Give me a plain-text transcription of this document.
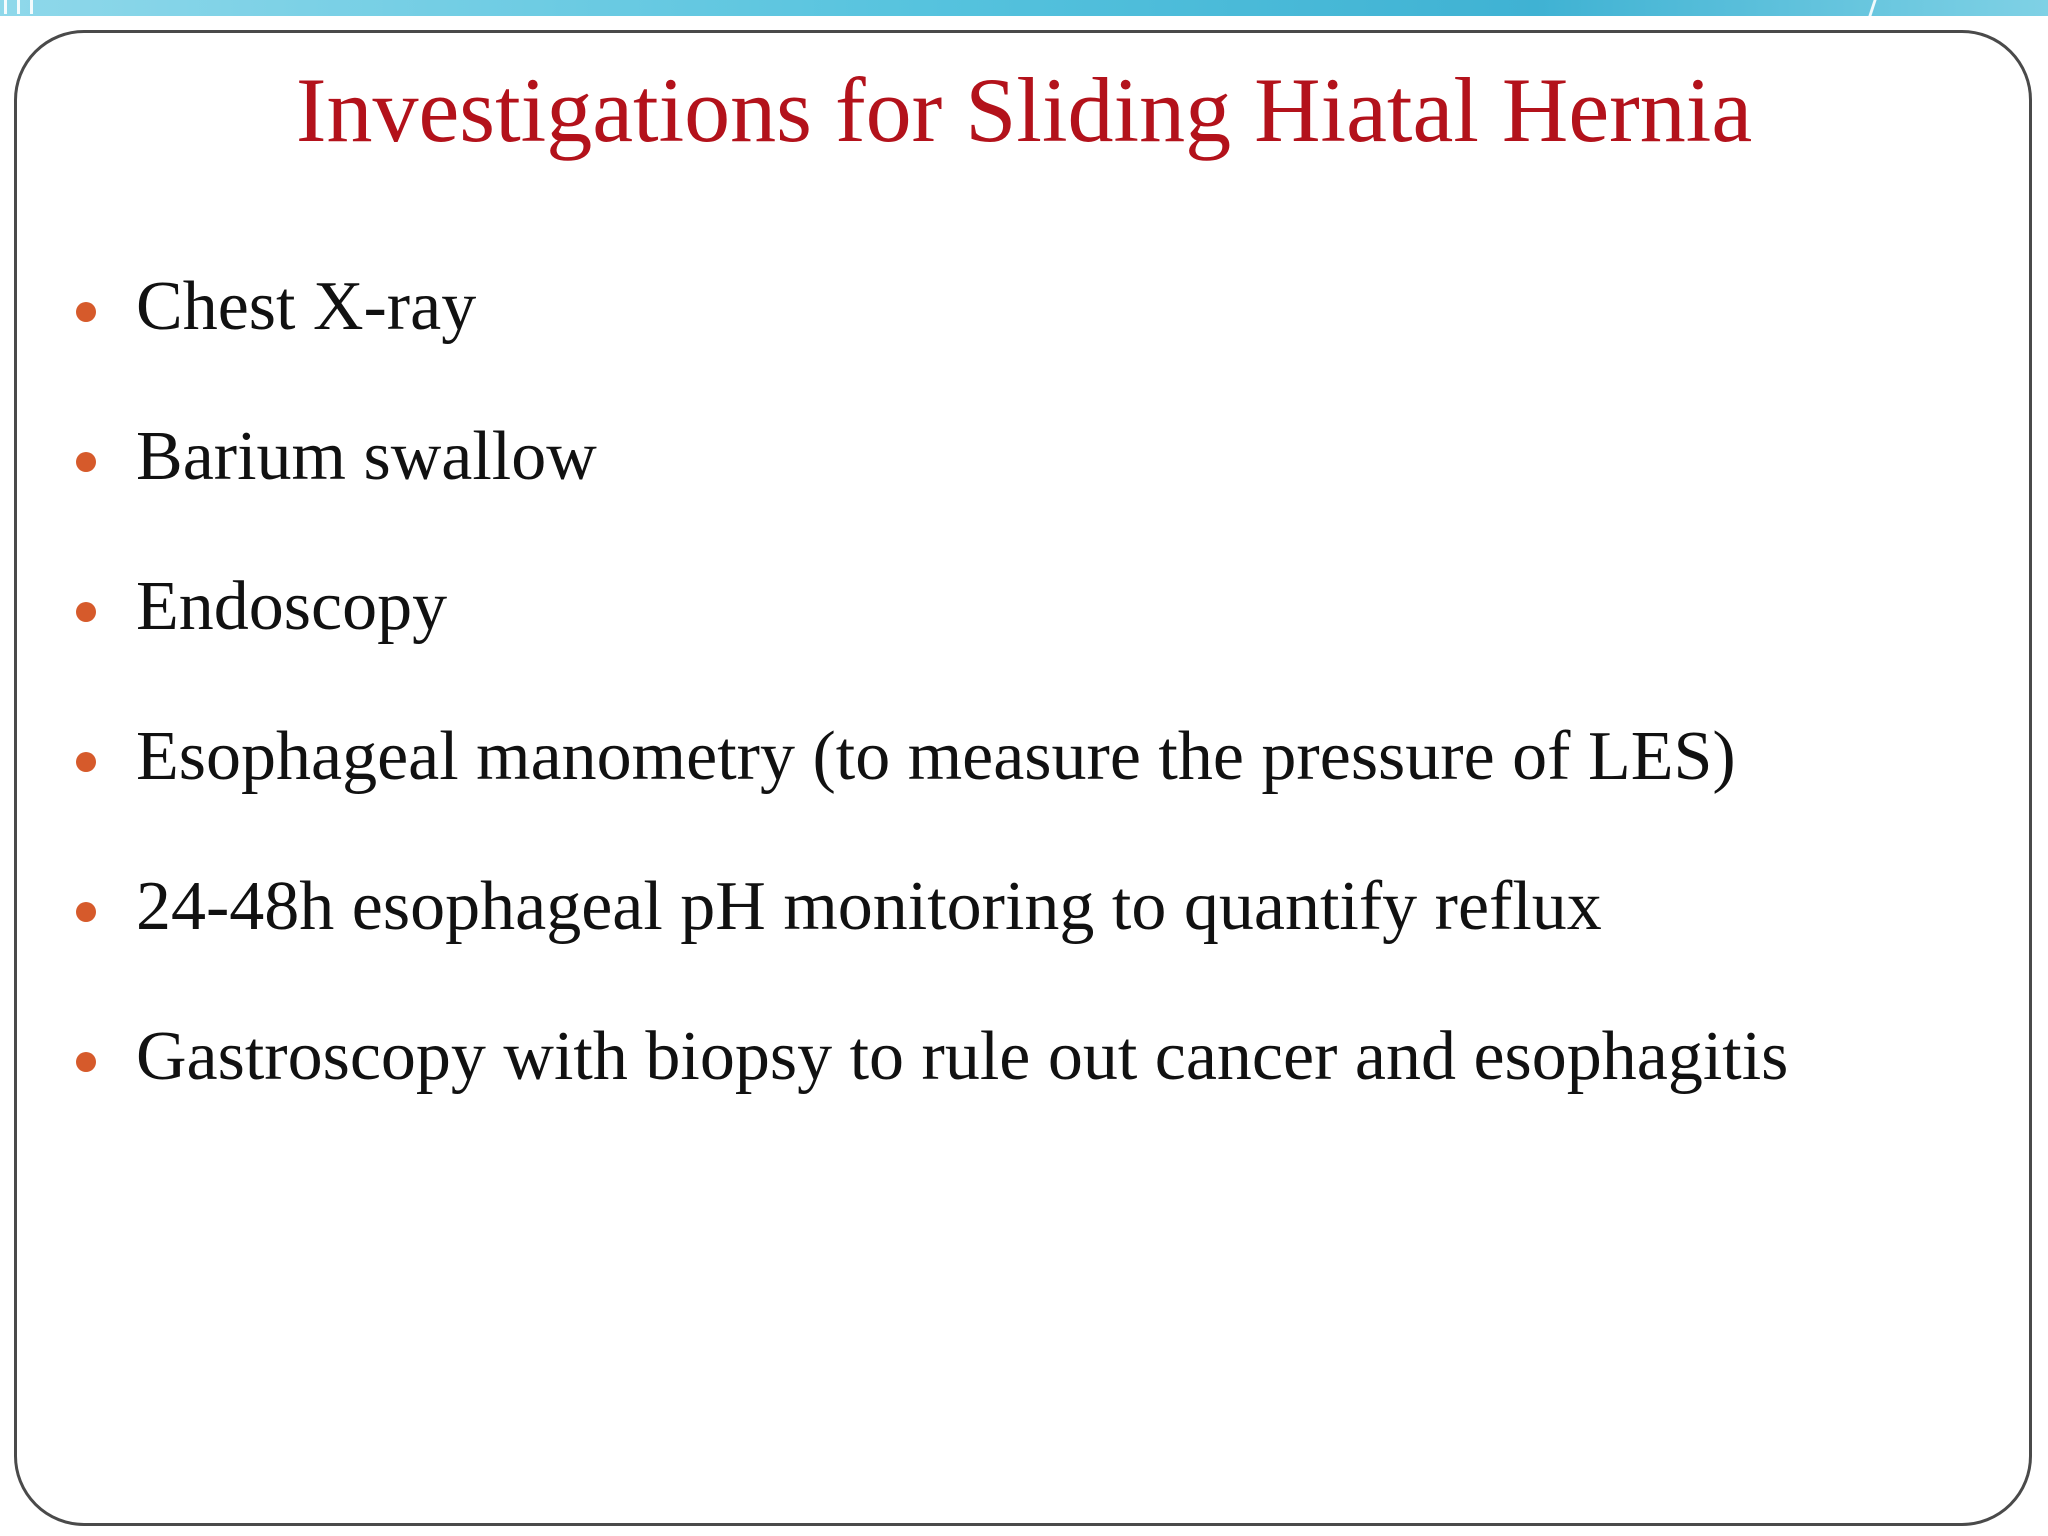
Investigations for Sliding Hiatal Hernia
Chest X-ray
Barium swallow
Endoscopy
Esophageal manometry (to measure the pressure of LES)
24-48h esophageal pH monitoring to quantify reflux
Gastroscopy with biopsy to rule out cancer and esophagitis
